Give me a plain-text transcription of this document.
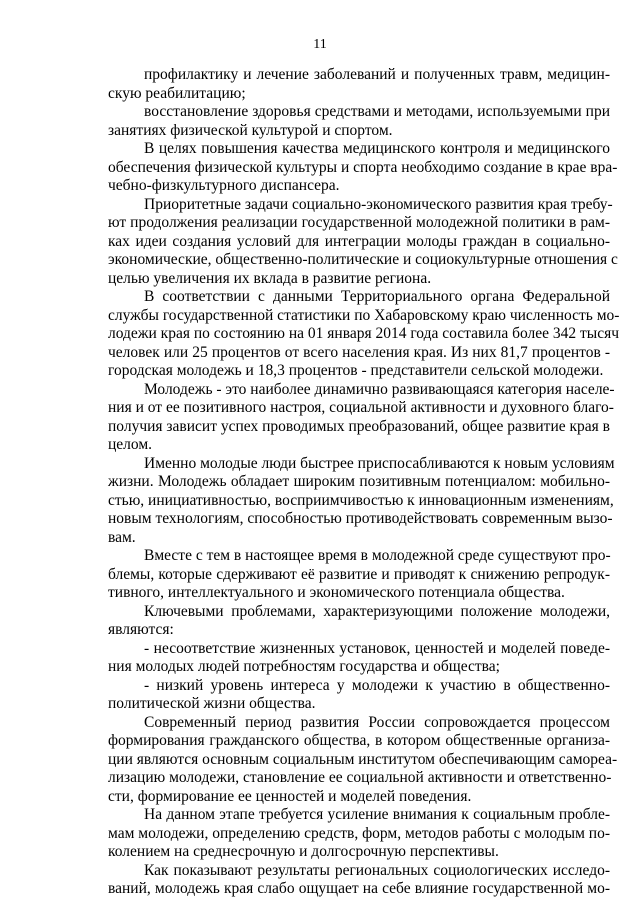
11
профилактику и лечение заболеваний и полученных травм, медицин-
скую реабилитацию;
восстановление здоровья средствами и методами, используемыми при
занятиях физической культурой и спортом.
В целях повышения качества медицинского контроля и медицинского
обеспечения физической культуры и спорта необходимо создание в крае вра-
чебно-физкультурного диспансера.
Приоритетные задачи социально-экономического развития края требу-
ют продолжения реализации государственной молодежной политики в рам-
ках идеи создания условий для интеграции молоды граждан в социально-
экономические, общественно-политические и социокультурные отношения с
целью увеличения их вклада в развитие региона.
В соответствии с данными Территориального органа Федеральной
службы государственной статистики по Хабаровскому краю численность мо-
лодежи края по состоянию на 01 января 2014 года составила более 342 тысяч
человек или 25 процентов от всего населения края. Из них 81,7 процентов -
городская молодежь и 18,3 процентов - представители сельской молодежи.
Молодежь - это наиболее динамично развивающаяся категория населе-
ния и от ее позитивного настроя, социальной активности и духовного благо-
получия зависит успех проводимых преобразований, общее развитие края в
целом.
Именно молодые люди быстрее приспосабливаются к новым условиям
жизни. Молодежь обладает широким позитивным потенциалом: мобильно-
стью, инициативностью, восприимчивостью к инновационным изменениям,
новым технологиям, способностью противодействовать современным вызо-
вам.
Вместе с тем в настоящее время в молодежной среде существуют про-
блемы, которые сдерживают её развитие и приводят к снижению репродук-
тивного, интеллектуального и экономического потенциала общества.
Ключевыми проблемами, характеризующими положение молодежи,
являются:
- несоответствие жизненных установок, ценностей и моделей поведе-
ния молодых людей потребностям государства и общества;
- низкий уровень интереса у молодежи к участию в общественно-
политической жизни общества.
Современный период развития России сопровождается процессом
формирования гражданского общества, в котором общественные организа-
ции являются основным социальным институтом обеспечивающим самореа-
лизацию молодежи, становление ее социальной активности и ответственно-
сти, формирование ее ценностей и моделей поведения.
На данном этапе требуется усиление внимания к социальным пробле-
мам молодежи, определению средств, форм, методов работы с молодым по-
колением на среднесрочную и долгосрочную перспективы.
Как показывают результаты региональных социологических исследо-
ваний, молодежь края слабо ощущает на себе влияние государственной мо-
